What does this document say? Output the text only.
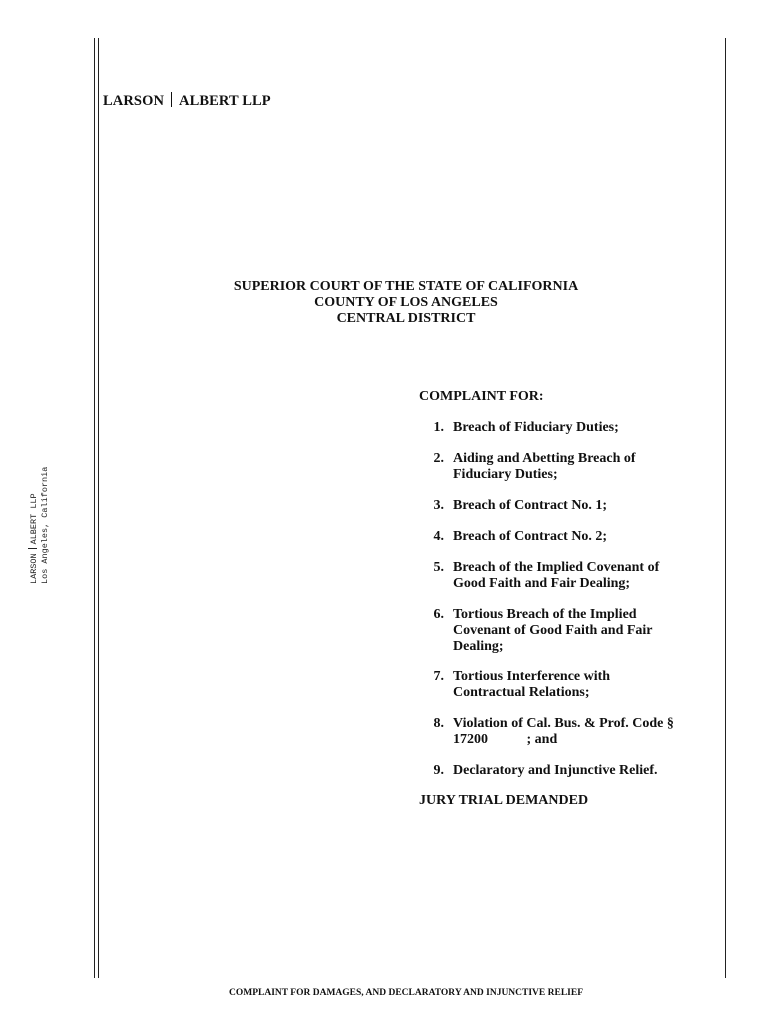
LARSON ALBERT LLP
LARSONALBERT LLP Los Angeles, California
SUPERIOR COURT OF THE STATE OF CALIFORNIA
COUNTY OF LOS ANGELES
CENTRAL DISTRICT
COMPLAINT FOR:
1. Breach of Fiduciary Duties;
2. Aiding and Abetting Breach of
Fiduciary Duties;
3. Breach of Contract No. 1;
4. Breach of Contract No. 2;
5. Breach of the Implied Covenant of
Good Faith and Fair Dealing;
6. Tortious Breach of the Implied
Covenant of Good Faith and Fair
Dealing;
7. Tortious Interference with
Contractual Relations;
8. Violation of Cal. Bus. & Prof. Code §
17200           ; and
9. Declaratory and Injunctive Relief.
JURY TRIAL DEMANDED
COMPLAINT FOR DAMAGES, AND DECLARATORY AND INJUNCTIVE RELIEF
